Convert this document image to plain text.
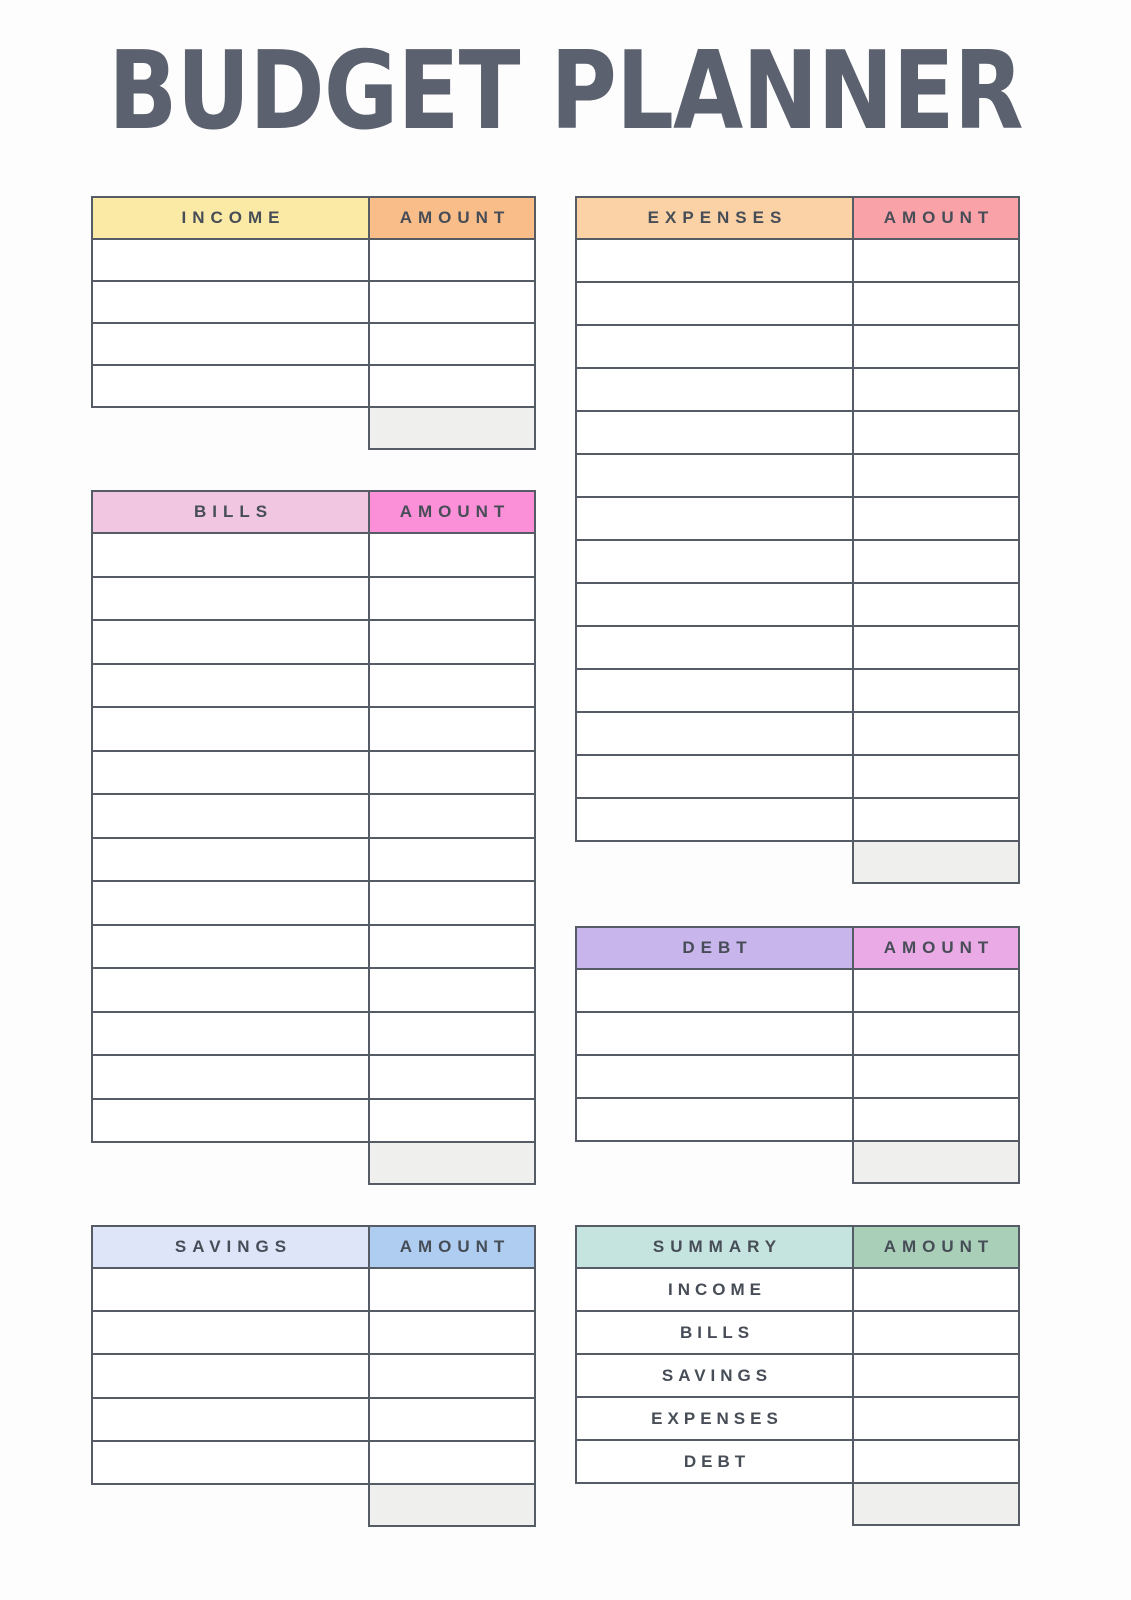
BUDGET PLANNER
INCOME	AMOUNT

BILLS	AMOUNT

SAVINGS	AMOUNT

EXPENSES	AMOUNT

DEBT	AMOUNT

SUMMARY	AMOUNT
INCOME	
BILLS	
SAVINGS	
EXPENSES	
DEBT	
